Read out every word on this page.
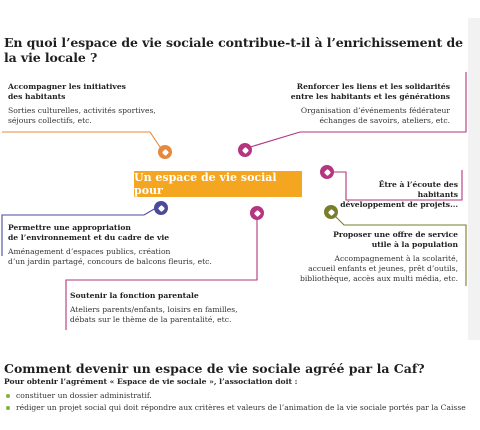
En quoi l’espace de vie sociale contribue-t-il à l’enrichissement de la vie locale ?
Accompagner les initiatives
des habitants
Sorties culturelles, activités sportives,
séjours collectifs, etc.
Renforcer les liens et les solidarités
entre les habitants et les générations
Organisation d’événements fédérateur
échanges de savoirs, ateliers, etc.
Être à l’écoute des habitants
développement de projets...
Permettre une appropriation
de l’environnement et du cadre de vie
Aménagement d’espaces publics, création
d’un jardin partagé, concours de balcons fleuris, etc.
Proposer une offre de service
utile à la population
Accompagnement à la scolarité,
accueil enfants et jeunes, prêt d’outils,
bibliothèque, accès aux multi média, etc.
Soutenir la fonction parentale
Ateliers parents/enfants, loisirs en familles,
débats sur le thème de la parentalité, etc.
Un espace de vie social pour
Comment devenir un espace de vie sociale agréé par la Caf?
Pour obtenir l’agrément « Espace de vie sociale », l’association doit :
constituer un dossier administratif.
rédiger un projet social qui doit répondre aux critères et valeurs de l’animation de la vie sociale portés par la Caisse
